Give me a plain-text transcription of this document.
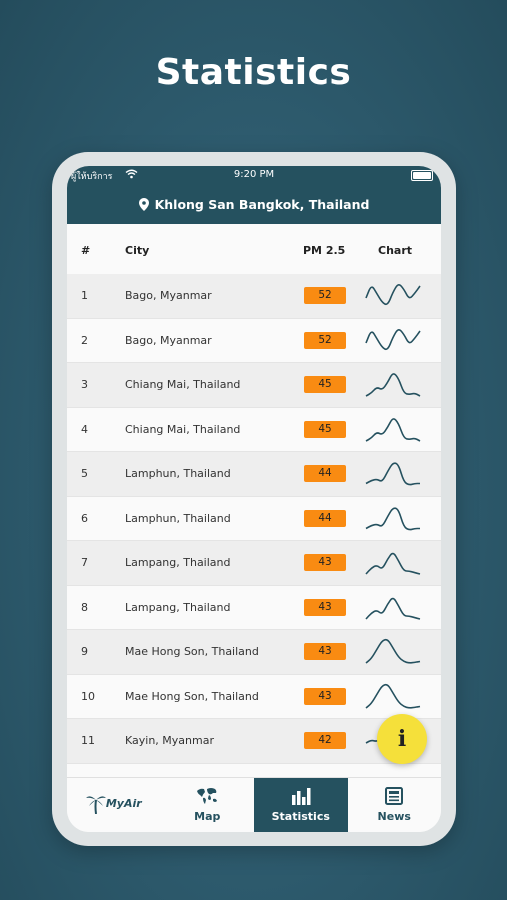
Statistics
ผู้ให้บริการ	9:20 PM
Khlong San Bangkok, Thailand
#	City	PM 2.5	Chart
1	Bago, Myanmar	52
2	Bago, Myanmar	52
3	Chiang Mai, Thailand	45
4	Chiang Mai, Thailand	45
5	Lamphun, Thailand	44
6	Lamphun, Thailand	44
7	Lampang, Thailand	43
8	Lampang, Thailand	43
9	Mae Hong Son, Thailand	43
10	Mae Hong Son, Thailand	43
11	Kayin, Myanmar	42	i
MyAir
Map	Statistics	News
